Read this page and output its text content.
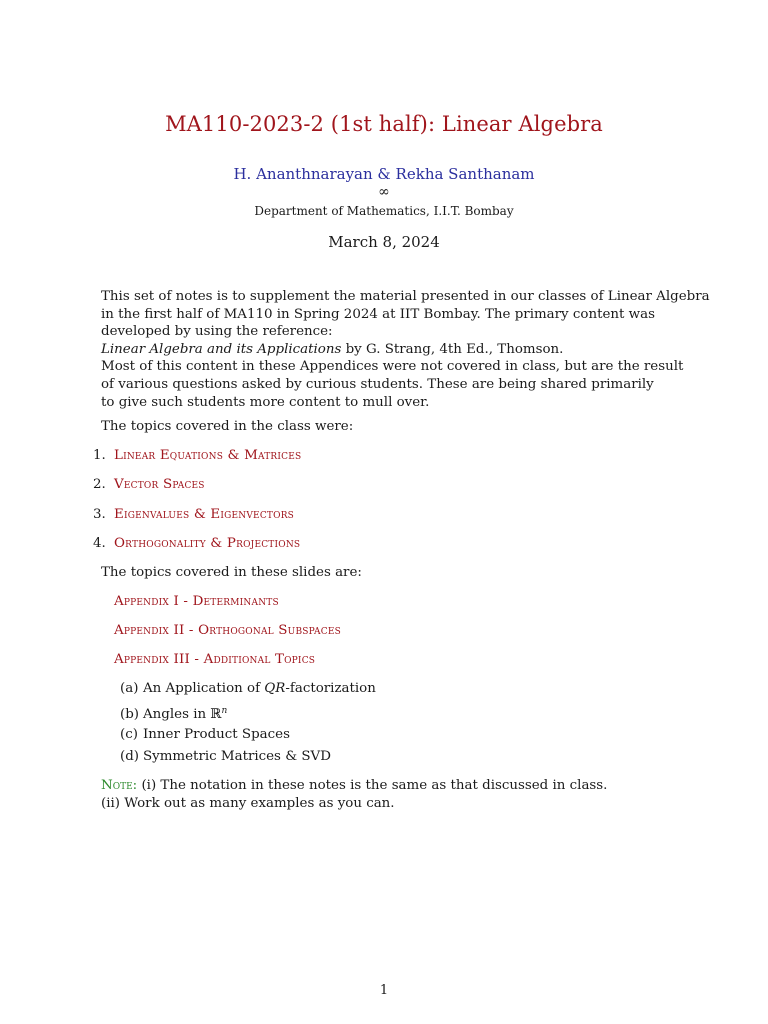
MA110-2023-2 (1st half): Linear Algebra
H. Ananthnarayan & Rekha Santhanam
∞
Department of Mathematics, I.I.T. Bombay
March 8, 2024
This set of notes is to supplement the material presented in our classes of Linear Algebra
in the first half of MA110 in Spring 2024 at IIT Bombay. The primary content was
developed by using the reference:
Linear Algebra and its Applications by G. Strang, 4th Ed., Thomson.
Most of this content in these Appendices were not covered in class, but are the result
of various questions asked by curious students. These are being shared primarily
to give such students more content to mull over.
The topics covered in the class were:
1. Linear Equations & Matrices
2. Vector Spaces
3. Eigenvalues & Eigenvectors
4. Orthogonality & Projections
The topics covered in these slides are:
Appendix I - Determinants
Appendix II - Orthogonal Subspaces
Appendix III - Additional Topics
(a) An Application of QR-factorization
(b) Angles in ℝ$^n$
(c) Inner Product Spaces
(d) Symmetric Matrices & SVD
Note: (i) The notation in these notes is the same as that discussed in class.
(ii) Work out as many examples as you can.
1
